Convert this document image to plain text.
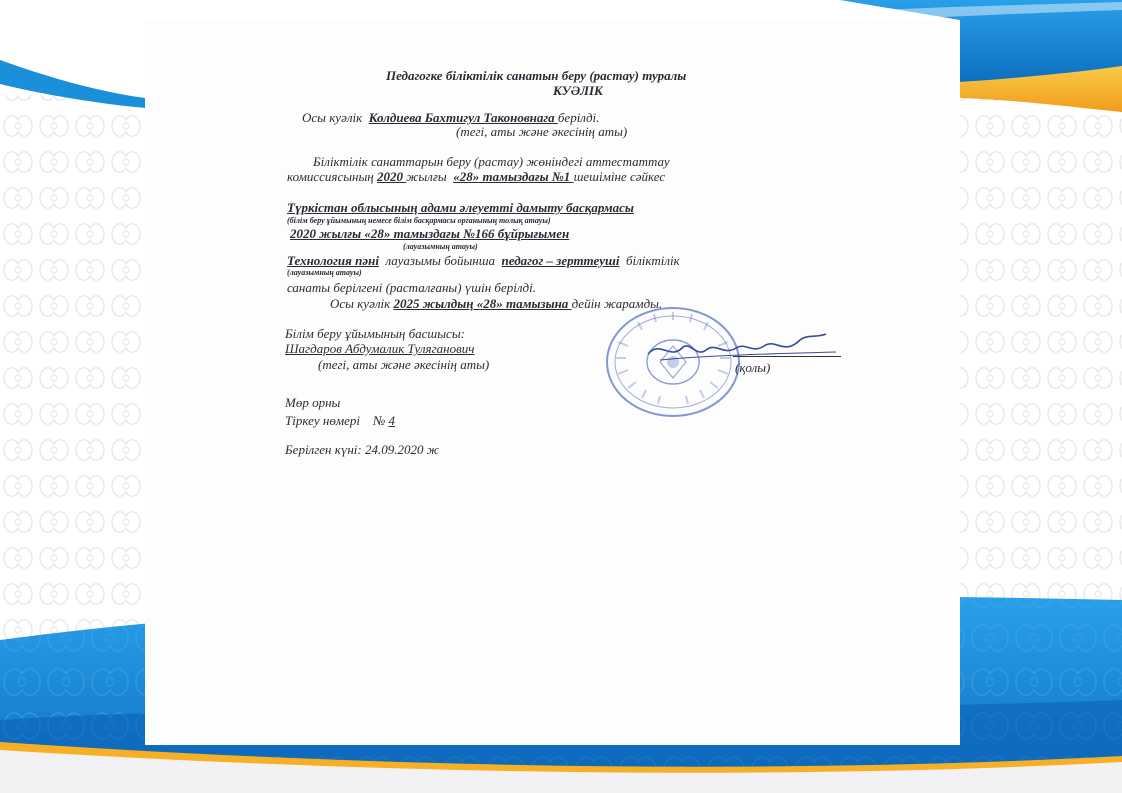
Педагогке біліктілік санатын беру (растау) туралы
КУӘЛІК
Осы куәлік Колдиева Бахтигул Таконовнага берілді.
(тегі, аты және әкесінің аты)
Біліктілік санаттарын беру (растау) жөніндегі аттестаттау
комиссиясының 2020 жылғы «28» тамыздағы №1 шешіміне сәйкес
Түркістан облысының адами әлеуетті дамыту басқармасы
(білім беру ұйымының немесе білім басқармасы органының толық атауы)
2020 жылғы «28» тамыздағы №166 бұйрығымен
(лауазымның атауы)
Технология пәні лауазымы бойынша педагог – зерттеуші біліктілік
(лауазымның атауы)
санаты берілгені (расталғаны) үшін берілді.
Осы куәлік 2025 жылдың «28» тамызына дейін жарамды.
Білім беру ұйымының басшысы:
Шагдаров Абдумалик Туляганович
(тегі, аты және әкесінің аты)	(қолы)
Мөр орны
Тіркеу нөмері № 4
Берілген күні: 24.09.2020 ж
